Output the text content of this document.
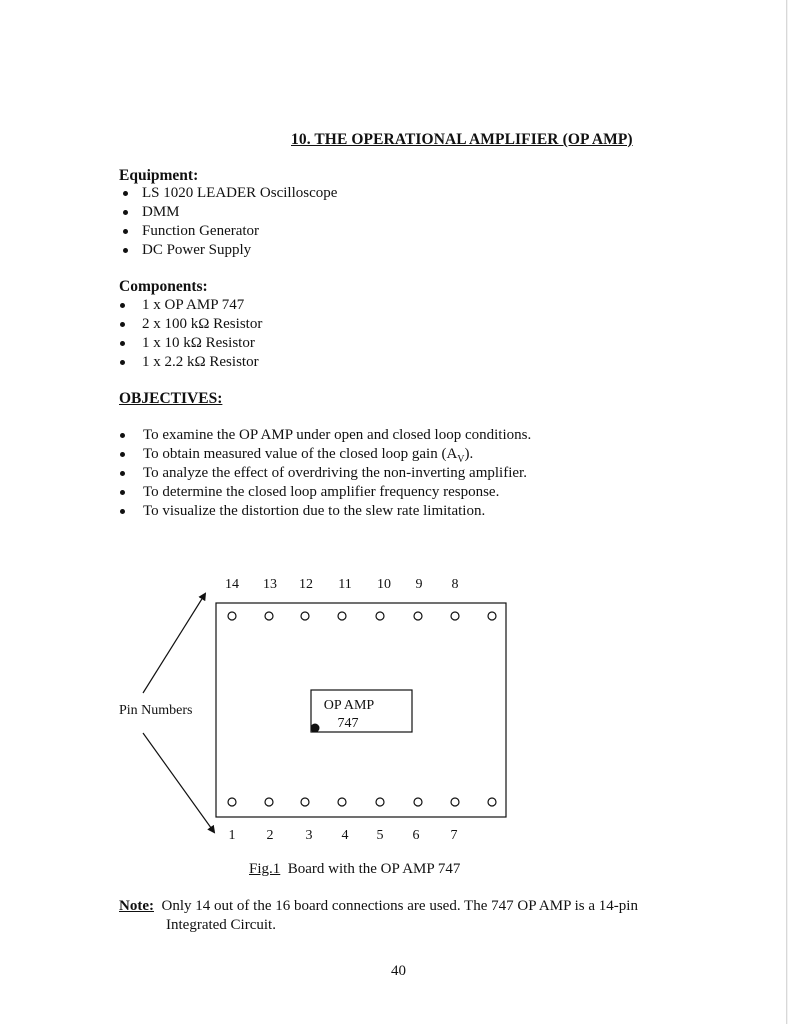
10. THE OPERATIONAL AMPLIFIER (OP AMP)
Equipment:
LS 1020 LEADER Oscilloscope
DMM
Function Generator
DC Power Supply
Components:
1 x OP AMP 747
2 x 100 kΩ Resistor
1 x 10 kΩ Resistor
1 x 2.2 kΩ Resistor
OBJECTIVES:
To examine the OP AMP under open and closed loop conditions.
To obtain measured value of the closed loop gain $(A_V)$.
To analyze the effect of overdriving the non-inverting amplifier.
To determine the closed loop amplifier frequency response.
To visualize the distortion due to the slew rate limitation.
14 13 12 11 10 9 8
OP AMP
747
Pin Numbers
1 2 3 4 5 6 7
Fig.1 Board with the OP AMP 747
Note: Only 14 out of the 16 board connections are used. The 747 OP AMP is a 14-pin
Integrated Circuit.
40
